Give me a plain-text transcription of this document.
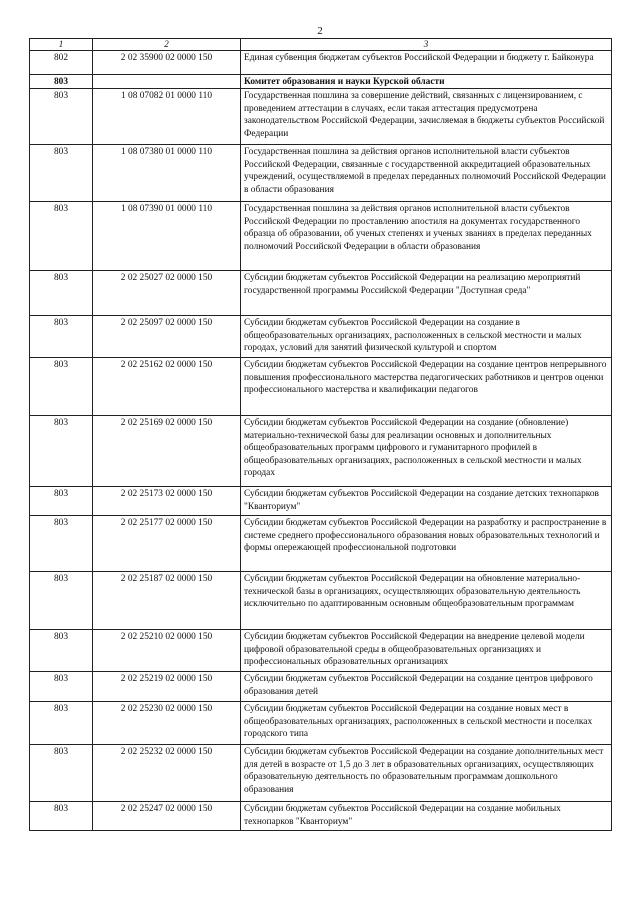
2
1	2	3
802	2 02 35900 02 0000 150	Единая субвенция бюджетам субъектов Российской Федерации и бюджету г. Байконура
803		Комитет образования и науки Курской области
803	1 08 07082 01 0000 110	Государственная пошлина за совершение действий, связанных с лицензированием, с проведением аттестации в случаях, если такая аттестация предусмотрена законодательством Российской Федерации, зачисляемая в бюджеты субъектов Российской Федерации
803	1 08 07380 01 0000 110	Государственная пошлина за действия органов исполнительной власти субъектов Российской Федерации, связанные с государственной аккредитацией образовательных учреждений, осуществляемой в пределах переданных полномочий Российской Федерации в области образования
803	1 08 07390 01 0000 110	Государственная пошлина за действия органов исполнительной власти субъектов Российской Федерации по проставлению апостиля на документах государственного образца об образовании, об ученых степенях и ученых званиях в пределах переданных полномочий Российской Федерации в области образования
803	2 02 25027 02 0000 150	Субсидии бюджетам субъектов Российской Федерации на реализацию мероприятий государственной программы Российской Федерации "Доступная среда"
803	2 02 25097 02 0000 150	Субсидии бюджетам субъектов Российской Федерации на создание в общеобразовательных организациях, расположенных в сельской местности и малых городах, условий для занятий физической культурой и спортом
803	2 02 25162 02 0000 150	Субсидии бюджетам субъектов Российской Федерации на создание центров непрерывного повышения профессионального мастерства педагогических работников и центров оценки профессионального мастерства и квалификации педагогов
803	2 02 25169 02 0000 150	Субсидии бюджетам субъектов Российской Федерации на создание (обновление) материально-технической базы для реализации основных и дополнительных общеобразовательных программ цифрового и гуманитарного профилей в общеобразовательных организациях, расположенных в сельской местности и малых городах
803	2 02 25173 02 0000 150	Субсидии бюджетам субъектов Российской Федерации на создание детских технопарков "Кванториум"
803	2 02 25177 02 0000 150	Субсидии бюджетам субъектов Российской Федерации на разработку и распространение в системе среднего профессионального образования новых образовательных технологий и формы опережающей профессиональной подготовки
803	2 02 25187 02 0000 150	Субсидии бюджетам субъектов Российской Федерации на обновление материально-технической базы в организациях, осуществляющих образовательную деятельность исключительно по адаптированным основным общеобразовательным программам
803	2 02 25210 02 0000 150	Субсидии бюджетам субъектов Российской Федерации на внедрение целевой модели цифровой образовательной среды в общеобразовательных организациях и профессиональных образовательных организациях
803	2 02 25219 02 0000 150	Субсидии бюджетам субъектов Российской Федерации на создание центров цифрового образования детей
803	2 02 25230 02 0000 150	Субсидии бюджетам субъектов Российской Федерации на создание новых мест в общеобразовательных организациях, расположенных в сельской местности и поселках городского типа
803	2 02 25232 02 0000 150	Субсидии бюджетам субъектов Российской Федерации на создание дополнительных мест для детей в возрасте от 1,5 до 3 лет в образовательных организациях, осуществляющих образовательную деятельность по образовательным программам дошкольного образования
803	2 02 25247 02 0000 150	Субсидии бюджетам субъектов Российской Федерации на создание мобильных технопарков "Кванториум"
